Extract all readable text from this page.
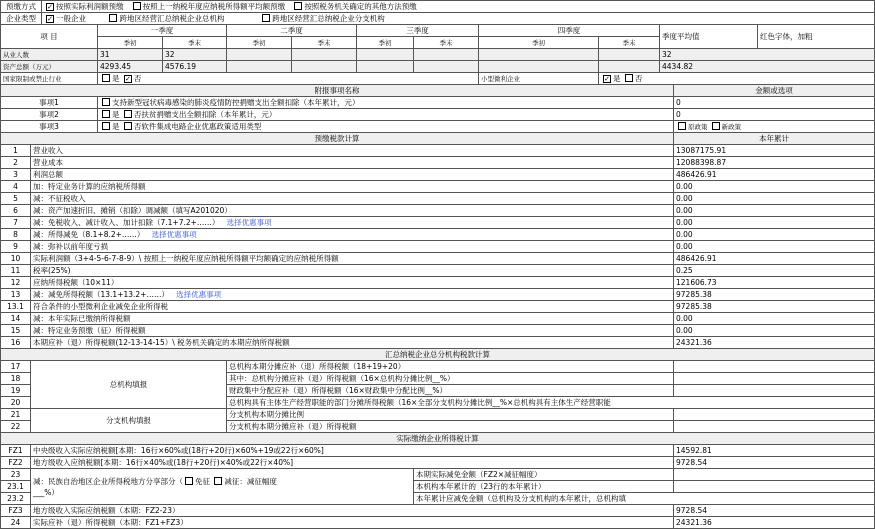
预缴方式		✓ 按照实际利润额预缴 按照上一纳税年度应纳税所得额平均额预缴 按照税务机关确定的其他方法预缴											
企业类型		✓ 一般企业 跨地区经营汇总纳税企业总机构 跨地区经营汇总纳税企业分支机构											
项 目			一季度		二季度		三季度		四季度		季度平均值		红色字体，加粗
			季初	季末	季初	季末	季初	季末	季初	季末			
从业人数			31	32							32		
资产总额（万元）			4293.45	4576.19							4434.82		
国家限制或禁止行业			是 ✓ 否						小型微利企业	✓ 是 否			
附报事项名称												金额或选项	
事项1			支持新型冠状病毒感染的肺炎疫情防控捐赠支出全额扣除（本年累计，元）									0	
事项2			是 否扶贫捐赠支出全额扣除（本年累计，元）									0	
事项3			是 否软件集成电路企业优惠政策适用类型									原政策 新政策	
预缴税款计算												本年累计	
1	营业收入											13087175.91	
2	营业成本											12088398.87	
3	利润总额											486426.91	
4	加：特定业务计算的应纳税所得额											0.00	
5	减：不征税收入											0.00	
6	减：资产加速折旧、摊销（扣除）调减额（填写A201020）											0.00	
7	减：免税收入、减计收入、加计扣除（7.1+7.2+……） 选择优惠事项											0.00	
8	减：所得减免（8.1+8.2+……） 选择优惠事项											0.00	
9	减：弥补以前年度亏损											0.00	
10	实际利润额（3+4-5-6-7-8-9）\ 按照上一纳税年度应纳税所得额平均额确定的应纳税所得额											486426.91	
11	税率(25%)											0.25	
12	应纳所得税额（10×11）											121606.73	
13	减：减免所得税额（13.1+13.2+……） 选择优惠事项											97285.38	
13.1	符合条件的小型微利企业减免企业所得税											97285.38	
14	减：本年实际已缴纳所得税额											0.00	
15	减：特定业务预缴（征）所得税额											0.00	
16	本期应补（退）所得税额(12-13-14-15）\ 税务机关确定的本期应纳所得税额											24321.36	
汇总纳税企业总分机构税款计算													
17	总机构填报				总机构本期分摊应补（退）所得税额（18+19+20）								
18					其中：总机构分摊应补（退）所得税额（16×总机构分摊比例__%）								
19					财政集中分配应补（退）所得税额（16×财政集中分配比例__%）								
20					总机构具有主体生产经营职能的部门分摊所得税额（16×全部分支机构分摊比例__%×总机构具有主体生产经营职能								
21	分支机构填报				分支机构本期分摊比例								
22					分支机构本期分摊应补（退）所得税额								
实际缴纳企业所得税计算													
FZ1	中央级收入实际应纳税额[本期：16行×60%或(18行+20行)×60%+19或22行×60%]											14592.81	
FZ2	地方级收入应纳税额[本期：16行×40%或(18行+20行)×40%或22行×40%]											9728.54	
23	减：民族自治地区企业所得税地方分享部分（ 免征 减征：减征幅度
___%）							本期实际减免金额（FZ2×减征幅度）					
23.1								本机构本年累计的（23行的本年累计）					
23.2								本年累计应减免金额（总机构及分支机构的本年累计，总机构填					
FZ3	地方级收入实际应纳税额（本期：FZ2-23）											9728.54	
24	实际应补（退）所得税额（本期：FZ1+FZ3）											24321.36	
